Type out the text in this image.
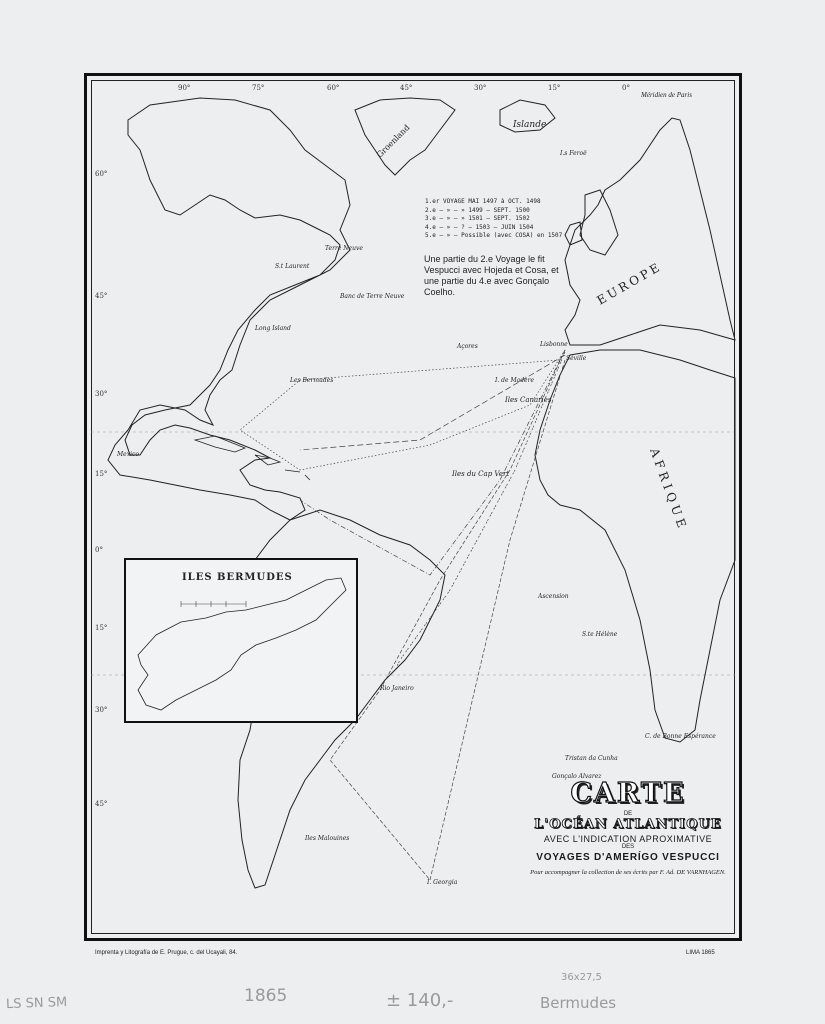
90°	75°	60°	45°	30°	15°	0°
60°
45°
30°
15°
0°
15°
30°
45°
Groenland	Islande
I.s Feroë
EUROPE
AFRIQUE
Terre Neuve
S.t Laurent
Banc de Terre Neuve
Long Island
Les Bermudes
Açores
I. de Madère
Iles Canaries
Iles du Cap Vert
Lisbonne
Séville
Mexico
Ascension
S.te Hélène
C. de Bonne Espérance
Tristan da Cunha
Gonçalo Alvarez
Iles Malouines
I. Georgia
Rio Janeiro
Méridien de Paris
1.er VOYAGE MAI 1497 à OCT. 1498
2.e — » — » 1499 — SEPT. 1500
3.e — » — » 1501 — SEPT. 1502
4.e — » — ? — 1503 — JUIN 1504
5.e — » — Possible (avec COSA) en 1507
Une partie du 2.e Voyage le fit Vespucci avec Hojeda et Cosa, et une partie du 4.e avec Gonçalo Coelho.
ILES BERMUDES
CARTE
DE
L'OCÉAN ATLANTIQUE
AVEC L'INDICATION APROXIMATIVE
DES
VOYAGES D'AMERÍGO VESPUCCI
Pour accompagner la collection de ses écrits par F. Ad. DE VARNHAGEN.
Imprenta y Litografía de E. Prugue, c. del Ucayali, 84.	LIMA 1865
LS SN SM	1865	± 140,-
36x27,5
Bermudes
